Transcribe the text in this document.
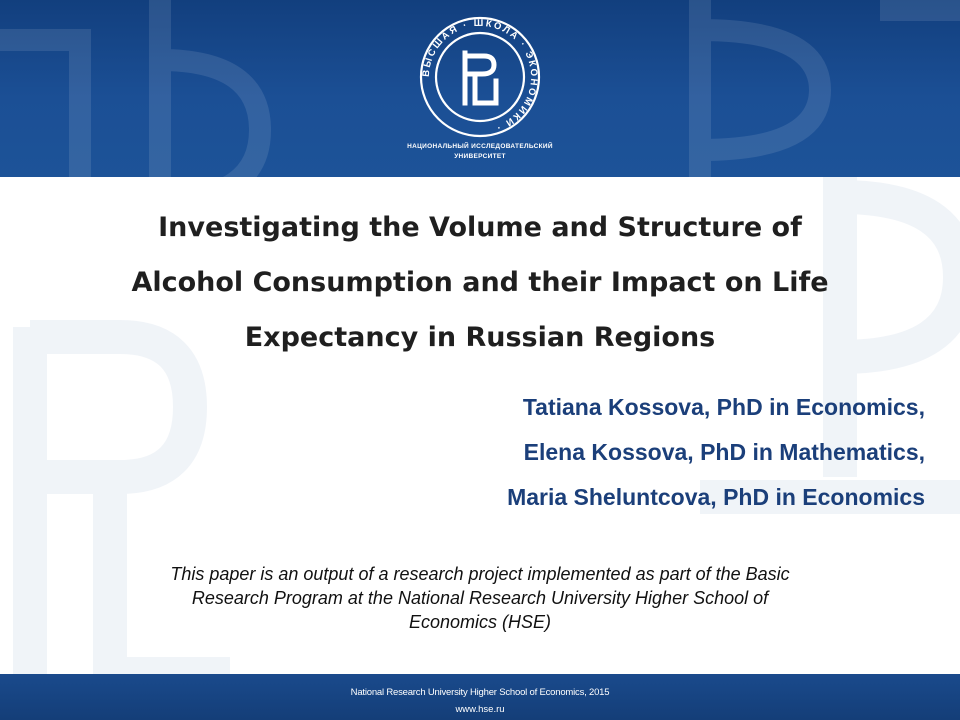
ВЫСШАЯ · ШКОЛА · ЭКОНОМИКИ ·
НАЦИОНАЛЬНЫЙ ИССЛЕДОВАТЕЛЬСКИЙ
УНИВЕРСИТЕТ
Investigating the Volume and Structure of
Alcohol Consumption and their Impact on Life
Expectancy in Russian Regions
Tatiana Kossova, PhD in Economics,
Elena Kossova, PhD in Mathematics,
Maria Sheluntcova, PhD in Economics
This paper is an output of a research project implemented as part of the Basic
Research Program at the National Research University Higher School of
Economics (HSE)
National Research University Higher School of Economics, 2015
www.hse.ru
